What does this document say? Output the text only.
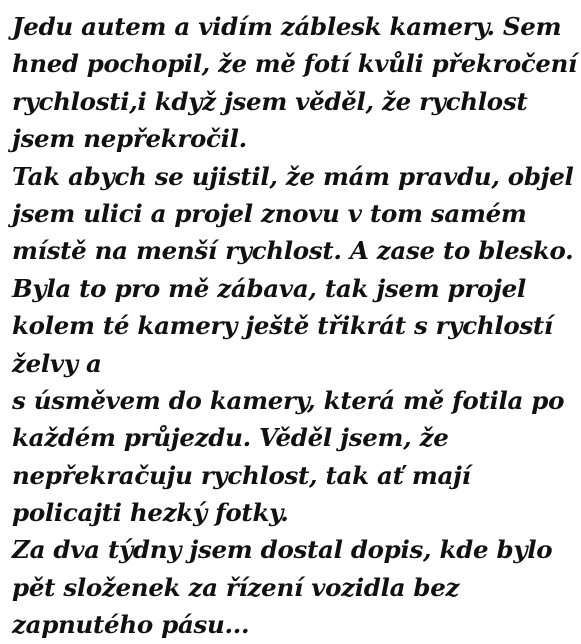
Jedu autem a vidím záblesk kamery. Sem
hned pochopil, že mě fotí kvůli překročení
rychlosti,i když jsem věděl, že rychlost
jsem nepřekročil.
Tak abych se ujistil, že mám pravdu, objel
jsem ulici a projel znovu v tom samém
místě na menší rychlost. A zase to blesko.
Byla to pro mě zábava, tak jsem projel
kolem té kamery ještě třikrát s rychlostí
želvy a
s úsměvem do kamery, která mě fotila po
každém průjezdu. Věděl jsem, že
nepřekračuju rychlost, tak ať mají
policajti hezký fotky.
Za dva týdny jsem dostal dopis, kde bylo
pět složenek za řízení vozidla bez
zapnutého pásu...
